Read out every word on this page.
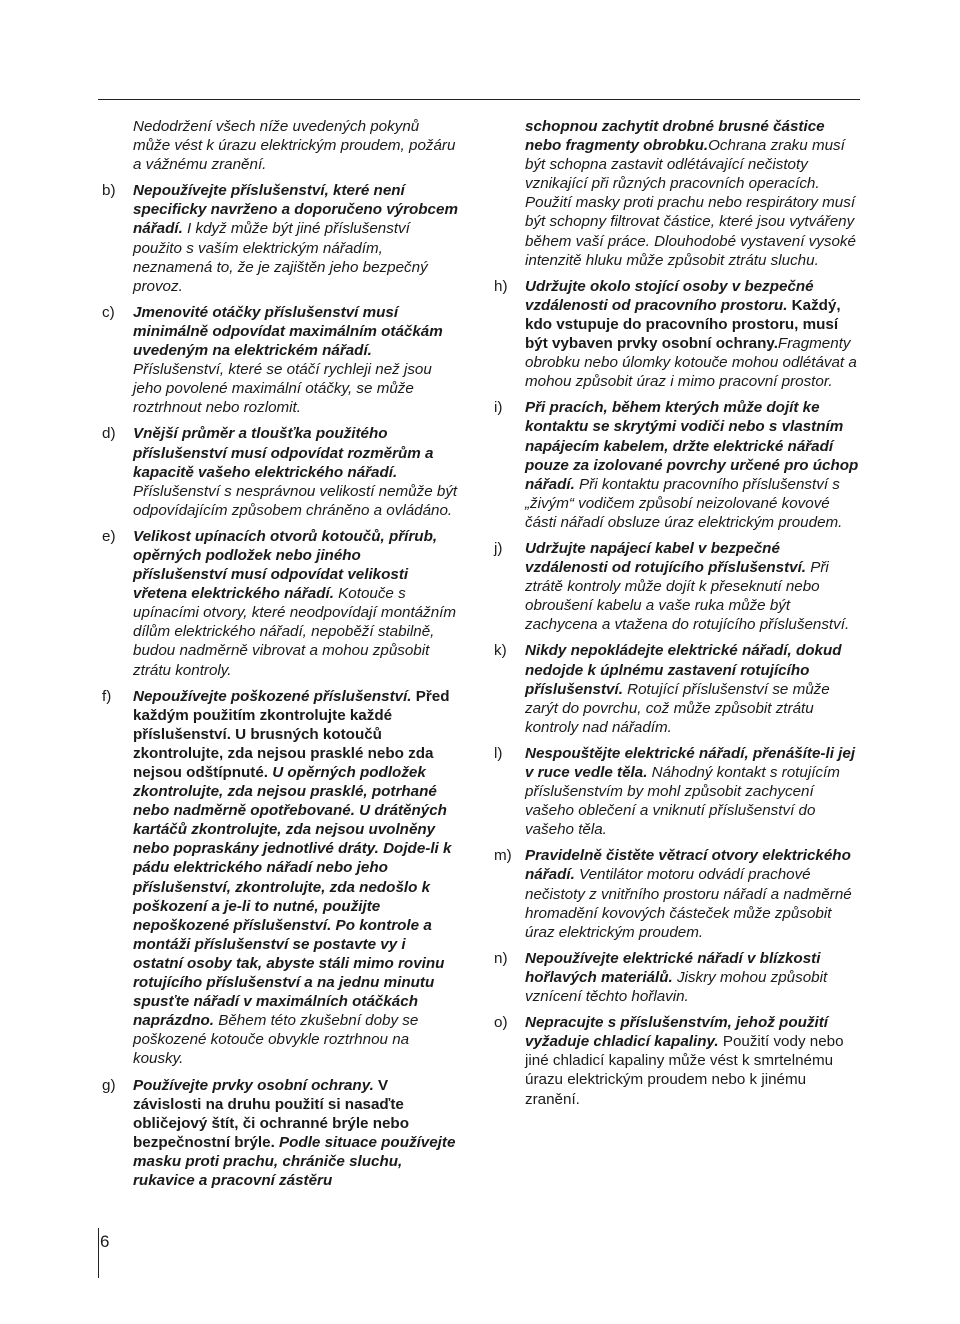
Nedodržení všech níže uvedených pokynů může vést k úrazu elektrickým proudem, požáru a vážnému zranění.
b)	Nepoužívejte příslušenství, které není specificky navrženo a doporučeno výrobcem nářadí. I když může být jiné příslušenství použito s vaším elektrickým nářadím, neznamená to, že je zajištěn jeho bezpečný provoz.
c)	Jmenovité otáčky příslušenství musí minimálně odpovídat maximálním otáčkám uvedeným na elektrickém nářadí. Příslušenství, které se otáčí rychleji než jsou jeho povolené maximální otáčky, se může roztrhnout nebo rozlomit.
d)	Vnější průměr a tloušťka použitého příslušenství musí odpovídat rozměrům a kapacitě vašeho elektrického nářadí. Příslušenství s nesprávnou velikostí nemůže být odpovídajícím způsobem chráněno a ovládáno.
e)	Velikost upínacích otvorů kotoučů, přírub, opěrných podložek nebo jiného příslušenství musí odpovídat velikosti vřetena elektrického nářadí. Kotouče s upínacími otvory, které neodpovídají montážním dílům elektrického nářadí, nepoběží stabilně, budou nadměrně vibrovat a mohou způsobit ztrátu kontroly.
f)	Nepoužívejte poškozené příslušenství. Před každým použitím zkontrolujte každé příslušenství. U brusných kotoučů zkontrolujte, zda nejsou prasklé nebo zda nejsou odštípnuté. U opěrných podložek zkontrolujte, zda nejsou prasklé, potrhané nebo nadměrně opotřebované. U drátěných kartáčů zkontrolujte, zda nejsou uvolněny nebo popraskány jednotlivé dráty. Dojde-li k pádu elektrického nářadí nebo jeho příslušenství, zkontrolujte, zda nedošlo k poškození a je-li to nutné, použijte nepoškozené příslušenství. Po kontrole a montáži příslušenství se postavte vy i ostatní osoby tak, abyste stáli mimo rovinu rotujícího příslušenství a na jednu minutu spusťte nářadí v maximálních otáčkách naprázdno. Během této zkušební doby se poškozené kotouče obvykle roztrhnou na kousky.
g)	Používejte prvky osobní ochrany. V závislosti na druhu použití si nasaďte obličejový štít, či ochranné brýle nebo bezpečnostní brýle. Podle situace používejte masku proti prachu, chrániče sluchu, rukavice a pracovní zástěru
schopnou zachytit drobné brusné částice nebo fragmenty obrobku.Ochrana zraku musí být schopna zastavit odlétávající nečistoty vznikající při různých pracovních operacích. Použití masky proti prachu nebo respirátory musí být schopny filtrovat částice, které jsou vytvářeny během vaší práce. Dlouhodobé vystavení vysoké intenzitě hluku může způsobit ztrátu sluchu.
h)	Udržujte okolo stojící osoby v bezpečné vzdálenosti od pracovního prostoru. Každý, kdo vstupuje do pracovního prostoru, musí být vybaven prvky osobní ochrany.Fragmenty obrobku nebo úlomky kotouče mohou odlétávat a mohou způsobit úraz i mimo pracovní prostor.
i)	Při pracích, během kterých může dojít ke kontaktu se skrytými vodiči nebo s vlastním napájecím kabelem, držte elektrické nářadí pouze za izolované povrchy určené pro úchop nářadí. Při kontaktu pracovního příslušenství s „živým“ vodičem způsobí neizolované kovové části nářadí obsluze úraz elektrickým proudem.
j)	Udržujte napájecí kabel v bezpečné vzdálenosti od rotujícího příslušenství. Při ztrátě kontroly může dojít k přeseknutí nebo obroušení kabelu a vaše ruka může být zachycena a vtažena do rotujícího příslušenství.
k)	Nikdy nepokládejte elektrické nářadí, dokud nedojde k úplnému zastavení rotujícího příslušenství. Rotující příslušenství se může zarýt do povrchu, což může způsobit ztrátu kontroly nad nářadím.
l)	Nespouštějte elektrické nářadí, přenášíte-li jej v ruce vedle těla. Náhodný kontakt s rotujícím příslušenstvím by mohl způsobit zachycení vašeho oblečení a vniknutí příslušenství do vašeho těla.
m) Pravidelně čistěte větrací otvory elektrického nářadí. Ventilátor motoru odvádí prachové nečistoty z vnitřního prostoru nářadí a nadměrné hromadění kovových částeček může způsobit úraz elektrickým proudem.
n)	Nepoužívejte elektrické nářadí v blízkosti hořlavých materiálů. Jiskry mohou způsobit vznícení těchto hořlavin.
o)	Nepracujte s příslušenstvím, jehož použití vyžaduje chladicí kapaliny. Použití vody nebo jiné chladicí kapaliny může vést k smrtelnému úrazu elektrickým proudem nebo k jinému zranění.
6
